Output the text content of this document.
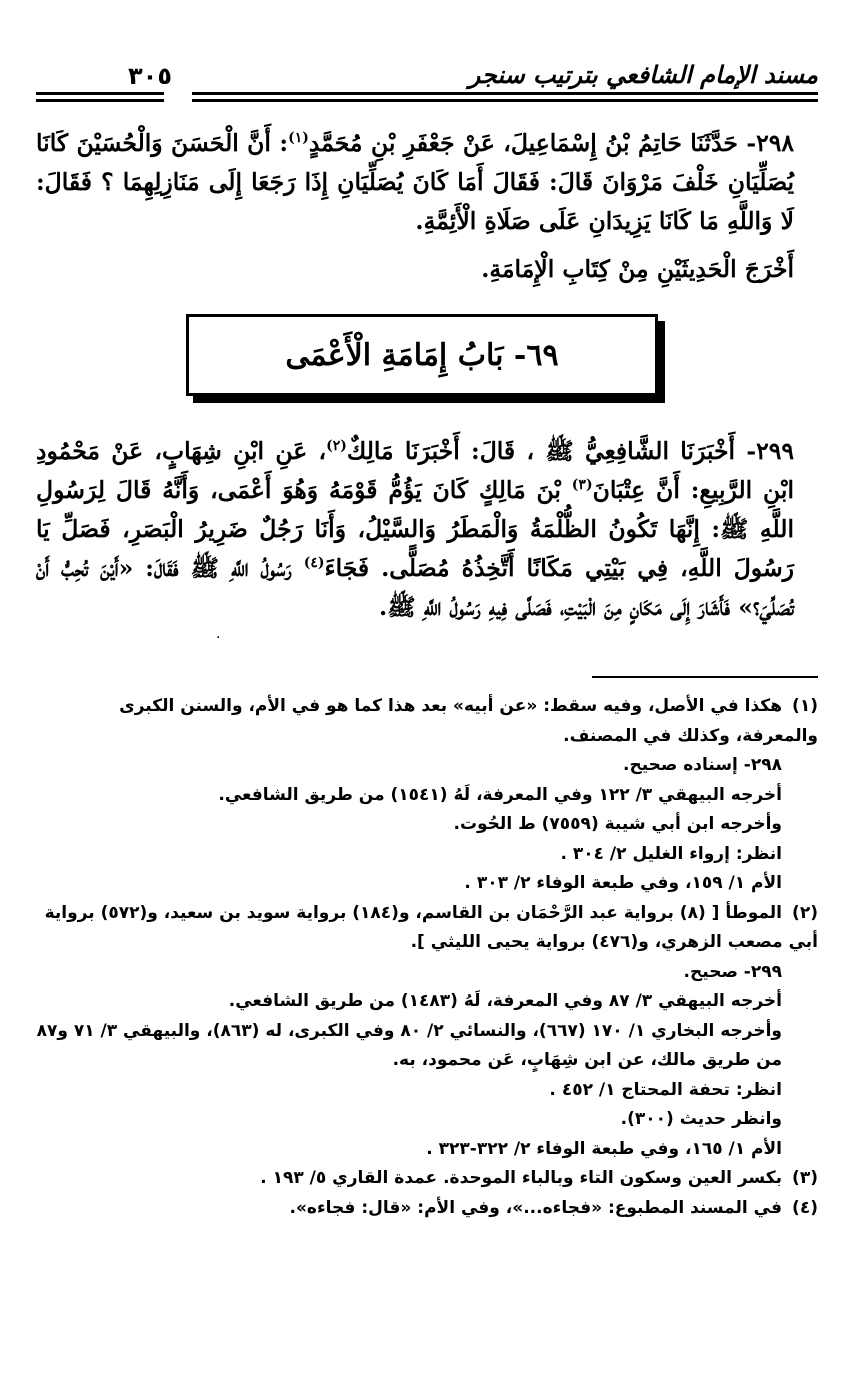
مسند الإمام الشافعي بترتيب سنجر
٣٠٥
٢٩٨- حَدَّثَنَا حَاتِمُ بْنُ إِسْمَاعِيلَ، عَنْ جَعْفَرِ بْنِ مُحَمَّدٍ$^{(١)}$: أَنَّ الْحَسَنَ وَالْحُسَيْنَ كَانَا يُصَلِّيَانِ خَلْفَ مَرْوَانَ قَالَ: فَقَالَ أَمَا كَانَ يُصَلِّيَانِ إِذَا رَجَعَا إِلَى مَنَازِلِهِمَا ؟ فَقَالَ: لَا وَاللَّهِ مَا كَانَا يَزِيدَانِ عَلَى صَلَاةِ الْأَئِمَّةِ.
أَخْرَجَ الْحَدِيثَيْنِ مِنْ كِتَابِ الْإِمَامَةِ.
٦٩- بَابُ إِمَامَةِ الْأَعْمَى
٢٩٩- أَخْبَرَنَا الشَّافِعِيُّ ﷺ ، قَالَ: أَخْبَرَنَا مَالِكٌ$^{(٢)}$، عَنِ ابْنِ شِهَابٍ، عَنْ مَحْمُودِ ابْنِ الرَّبِيعِ: أَنَّ عِتْبَانَ$^{(٣)}$ بْنَ مَالِكٍ كَانَ يَؤُمُّ قَوْمَهُ وَهُوَ أَعْمَى، وَأَنَّهُ قَالَ لِرَسُولِ اللَّهِ ﷺ: إِنَّهَا تَكُونُ الظُّلْمَةُ وَالْمَطَرُ وَالسَّيْلُ، وَأَنَا رَجُلٌ ضَرِيرُ الْبَصَرِ، فَصَلِّ يَا رَسُولَ اللَّهِ، فِي بَيْتِي مَكَانًا أَتَّخِذُهُ مُصَلًّى. فَجَاءَ$^{(٤)}$ رَسُولُ اللَّهِ ﷺ فَقَالَ: «أَيْنَ تُحِبُّ أَنْ تُصَلِّيَ؟» فَأَشَارَ إِلَى مَكَانٍ مِنَ الْبَيْتِ، فَصَلَّى فِيهِ رَسُولُ اللَّهِ ﷺ.
.

(١)هكذا في الأصل، وفيه سقط: «عن أبيه» بعد هذا كما هو في الأم، والسنن الكبرى والمعرفة، وكذلك في المصنف.

٢٩٨- إسناده صحيح.

أخرجه البيهقي ٣/ ١٢٢ وفي المعرفة، لَهُ (١٥٤١) من طريق الشافعي.

وأخرجه ابن أبي شيبة (٧٥٥٩) ط الحُوت.

انظر: إرواء الغليل ٢/ ٣٠٤ .

الأم ١/ ١٥٩، وفي طبعة الوفاء ٢/ ٣٠٣ .

(٢)الموطأ [ (٨) برواية عبد الرَّحْمَان بن القاسم، و(١٨٤) برواية سويد بن سعيد، و(٥٧٢) برواية أبي مصعب الزهري، و(٤٧٦) برواية يحيى الليثي ].

٢٩٩- صحيح.

أخرجه البيهقي ٣/ ٨٧ وفي المعرفة، لَهُ (١٤٨٣) من طريق الشافعي.

وأخرجه البخاري ١/ ١٧٠ (٦٦٧)، والنسائي ٢/ ٨٠ وفي الكبرى، له (٨٦٣)، والبيهقي ٣/ ٧١ و٨٧ من طريق مالك، عن ابن شِهَابٍ، عَن محمود، به.

انظر: تحفة المحتاج ١/ ٤٥٢ .

وانظر حديث (٣٠٠).

الأم ١/ ١٦٥، وفي طبعة الوفاء ٢/ ٣٢٢-٣٢٣ .

(٣)بكسر العين وسكون التاء وبالباء الموحدة. عمدة القاري ٥/ ١٩٣ .

(٤)في المسند المطبوع: «فجاءه...»، وفي الأم: «قال: فجاءه».
